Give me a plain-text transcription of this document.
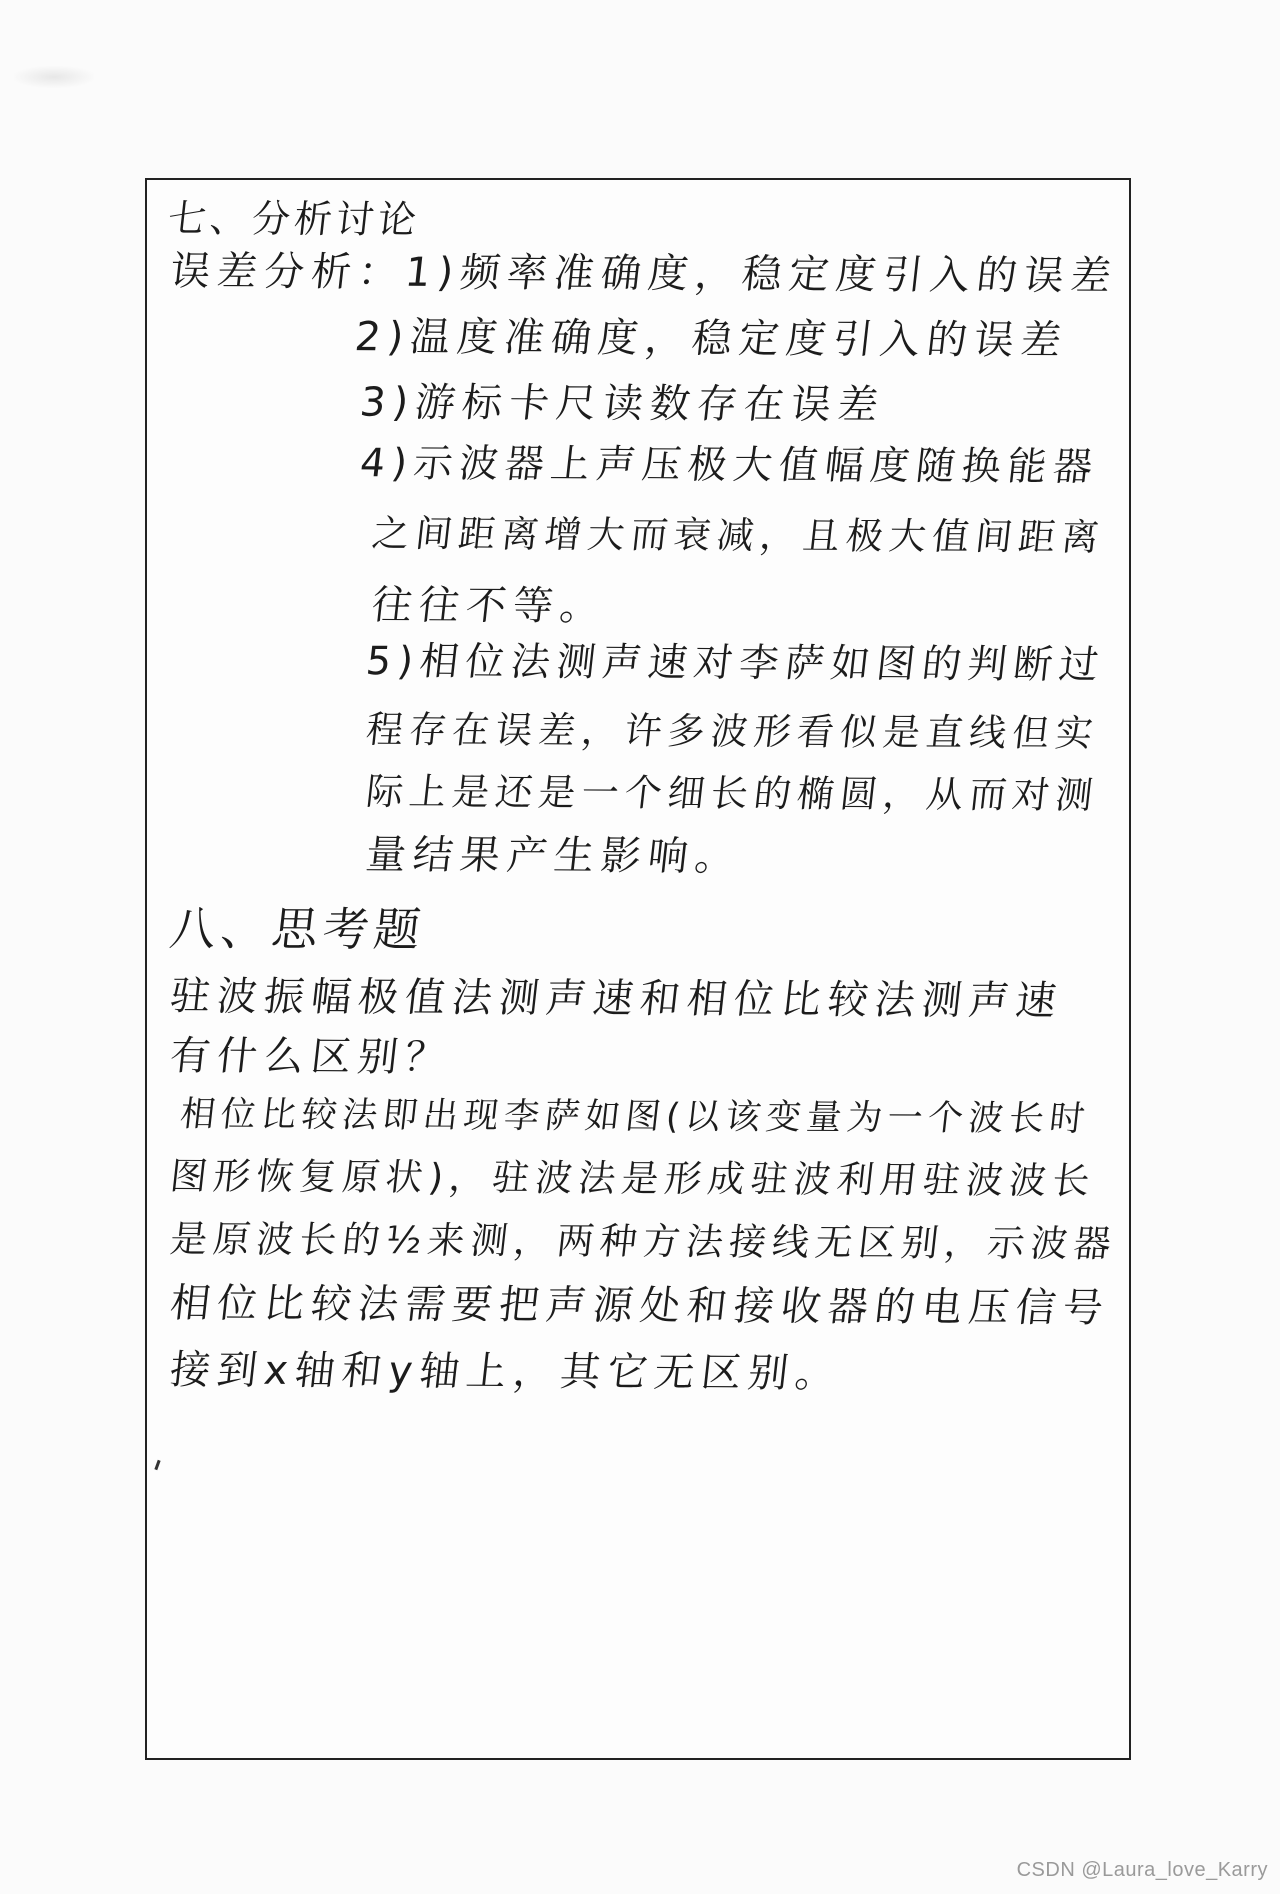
七、分析讨论
误差分析：1)频率准确度，稳定度引入的误差
2)温度准确度，稳定度引入的误差
3)游标卡尺读数存在误差
4)示波器上声压极大值幅度随换能器
之间距离增大而衰减，且极大值间距离
往往不等。
5)相位法测声速对李萨如图的判断过
程存在误差，许多波形看似是直线但实
际上是还是一个细长的椭圆，从而对测
量结果产生影响。
八、思考题
驻波振幅极值法测声速和相位比较法测声速
有什么区别？
相位比较法即出现李萨如图(以该变量为一个波长时
图形恢复原状)，驻波法是形成驻波利用驻波波长
是原波长的½来测，两种方法接线无区别，示波器
相位比较法需要把声源处和接收器的电压信号
接到x轴和y轴上，其它无区别。
CSDN @Laura_love_Karry
